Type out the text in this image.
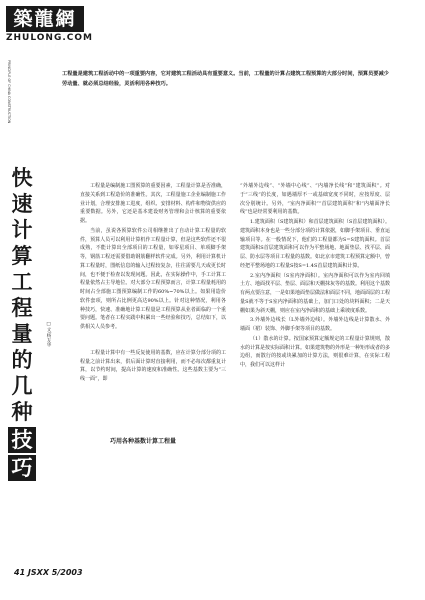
築龍網
ZHULONG.COM
PRINCIPLE OF CHINA CONSTRUCTION	工程量是建筑工程活动中的一项重要内容，它对建筑工程活动具有重要意义。当前，工程量的计算占建筑工程预算的大部分时间，预算员要减少劳动量、就必须总结经验，灵活利用各种技巧。
快
速
计
算
工
程
量
的
几
种
技
巧
□文/杨友华

工程量是编制施工图预算的重要因素，工程量计算是否准确，直接关系到工程造价的准确性。其次，工程量施工企业编制施工作业计划，合理安排施工进度，组织、安排材料、构件和物资供应的重要数据。另外，它还是基本建设财务管理和会计核算的重要依据。

当前，虽说各预算软件公司相继推出了自动计算工程量的软件，预算人员可以利用计算机作工程量计算，但是这些软件还不很成熟，不能计算出全部项目的工程量，如零星项目、单项脚手架等，钢筋工程还需要借助钢筋翻样软件完成。另外，利用计算机计算工程量时，图纸信息的输入过程较复杂，往往需要几天或更长时间，也不便于检查以发现问题。因此，在实际操作中，手工计算工程量依然占主导地位。对大部分工程预算而言，计算工程量耗用的时间占全部施工图预算编制工作的60%~70%以上。如果用造价软件套项，则所占比例更高达90%以上。针对这种情况，利用各种技巧，快速、准确地计算工程量是工程预算从业者面临的一个重要问题。笔者在工程实践中积累出一些经验和技巧，总结如下，以供相关人员参考。

工程量计算中有一些反复使用的基数，应在计算分部分项的工程量之前计算出来，供后面计算时直接利用，而不必每次都重复计算，以节约时间，提高计算的速度和准确性。这些基数主要为“三线一面”，即

巧用各种基数计算工程量

“外墙外边线”、“外墙中心线”、“内墙净长线”和“建筑面积”。对于“三线”的长度，如遇墙厚不一或基础宽度不同时，应按厚度、层次分别统计。另外，“室内净面积”“首层建筑面积”和“内墙面净长线”也是经常要利用的基数。

1.建筑面积（S建筑面积）和首层建筑面积（S首层建筑面积）。建筑面积本身也是一些分部分项的计算依据，如脚手架项目、垂直运输项目等。在一般情况下，他们的工程量都为S=S建筑面积。首层建筑面积S首层建筑面积可以作为平整场地、地面垫层、找平层、面层、防水层等项目工程量的基数。如北京市建筑工程预算定额中，曾经把平整场地的工程量S按S=1.4S首层建筑面积计算。

2.室内净面积（S室内净面积）。室内净面积可以作为室内回填土方、地面找平层、垫层、面层和天棚抹灰等的基数。利用这个基数有两点要注意，一是如果地面垫层做法和面层不同，地面面层的工程量S就不等于S室内净面积的基础上，加门口处的块料面积；二是天棚如果为斜天棚，则应在室内净面积的基础上乘坡度系数。

3.外墙外边线长（L外墙外边线）。外墙外边线是计算散水、外墙面（裙）装饰、外脚手架等项目的基数。

（1）散水的计算。按国家预算定额规定的工程量计算规则，散水的计算是按实际面积计算。如果建筑物的外形是一种矩形或者的多边组，而散行的按或块累加的计算方法，则很难计算，在实际工程中，我们可以这样计

41 JSXX 5/2003
